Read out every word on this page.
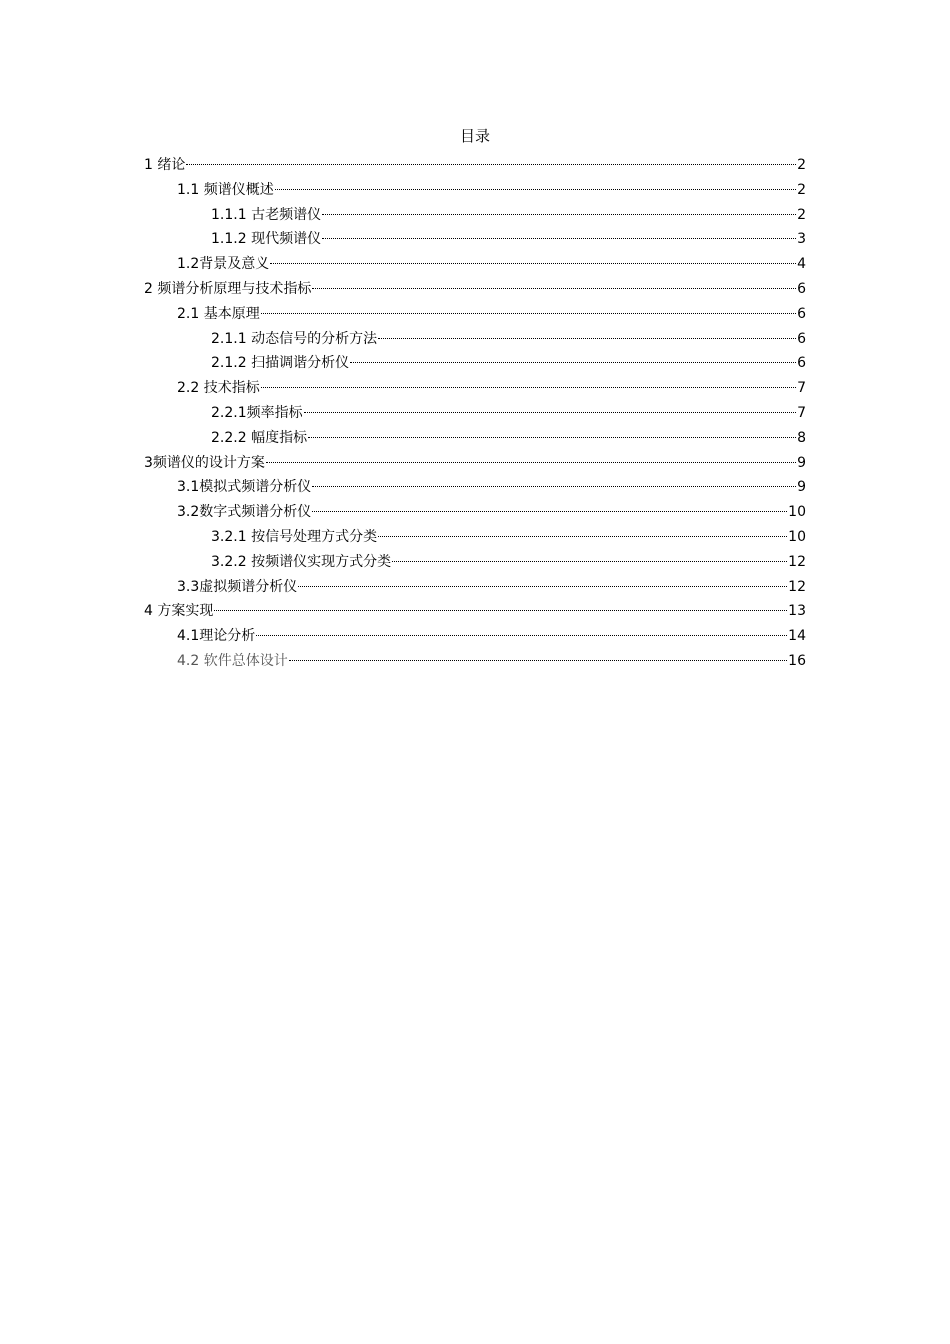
目录
1 绪论	2
1.1 频谱仪概述	2
1.1.1 古老频谱仪	2
1.1.2 现代频谱仪	3
1.2背景及意义	4
2 频谱分析原理与技术指标	6
2.1 基本原理	6
2.1.1 动态信号的分析方法	6
2.1.2 扫描调谐分析仪	6
2.2 技术指标	7
2.2.1频率指标	7
2.2.2 幅度指标	8
3频谱仪的设计方案	9
3.1模拟式频谱分析仪	9
3.2数字式频谱分析仪	10
3.2.1 按信号处理方式分类	10
3.2.2 按频谱仪实现方式分类	12
3.3虚拟频谱分析仪	12
4 方案实现	13
4.1理论分析	14
4.2 软件总体设计	16
